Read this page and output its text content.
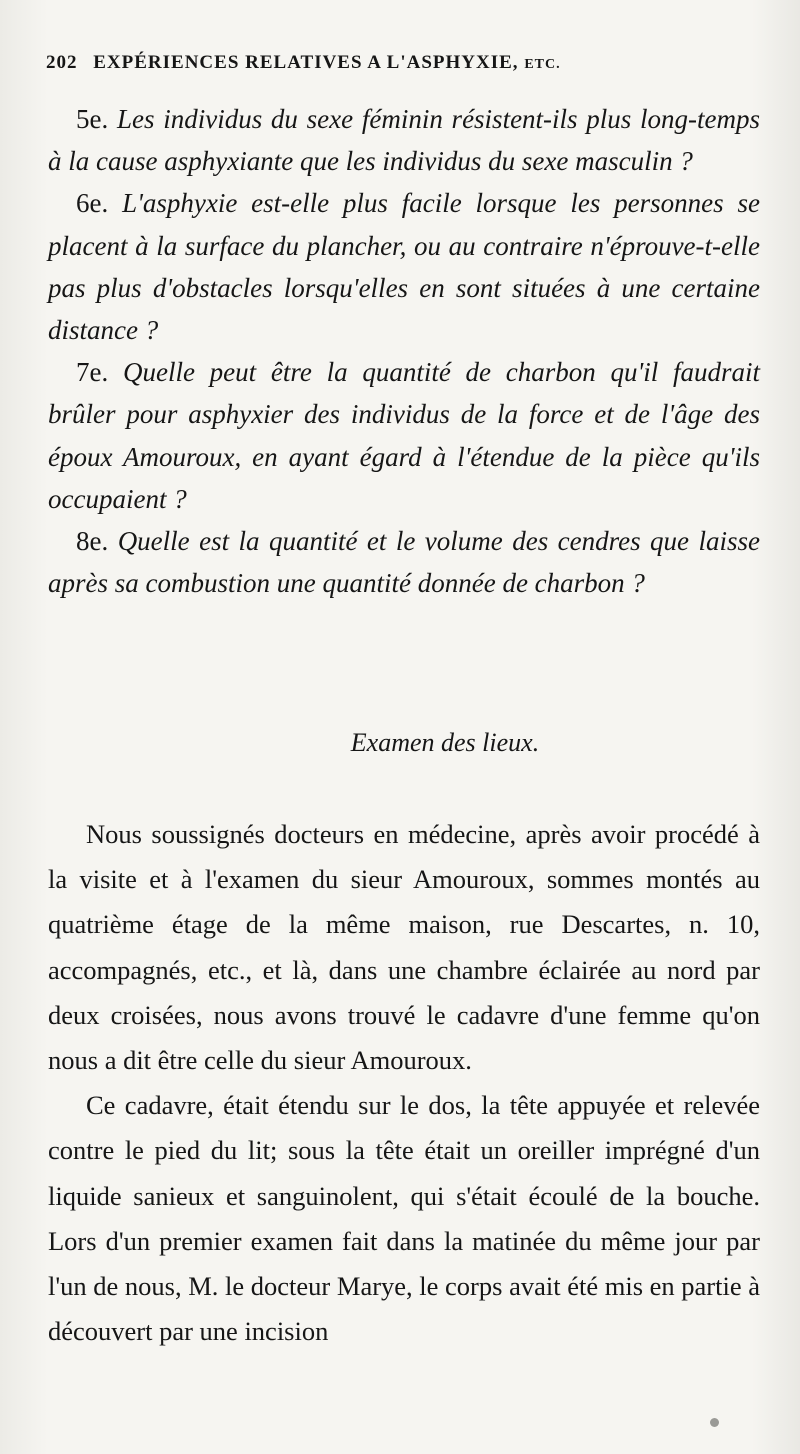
202 EXPÉRIENCES RELATIVES A L'ASPHYXIE, ETC.

5e. Les individus du sexe féminin résistent-ils plus long-temps à la cause asphyxiante que les individus du sexe masculin ?

6e. L'asphyxie est-elle plus facile lorsque les personnes se placent à la surface du plancher, ou au contraire n'éprouve-t-elle pas plus d'obstacles lorsqu'elles en sont situées à une certaine distance ?

7e. Quelle peut être la quantité de charbon qu'il faudrait brûler pour asphyxier des individus de la force et de l'âge des époux Amouroux, en ayant égard à l'étendue de la pièce qu'ils occupaient ?

8e. Quelle est la quantité et le volume des cendres que laisse après sa combustion une quantité donnée de charbon ?

Examen des lieux.

Nous soussignés docteurs en médecine, après avoir procédé à la visite et à l'examen du sieur Amouroux, sommes montés au quatrième étage de la même maison, rue Descartes, n. 10, accompagnés, etc., et là, dans une chambre éclairée au nord par deux croisées, nous avons trouvé le cadavre d'une femme qu'on nous a dit être celle du sieur Amouroux.

Ce cadavre, était étendu sur le dos, la tête appuyée et relevée contre le pied du lit; sous la tête était un oreiller imprégné d'un liquide sanieux et sanguinolent, qui s'était écoulé de la bouche. Lors d'un premier examen fait dans la matinée du même jour par l'un de nous, M. le docteur Marye, le corps avait été mis en partie à découvert par une incision
